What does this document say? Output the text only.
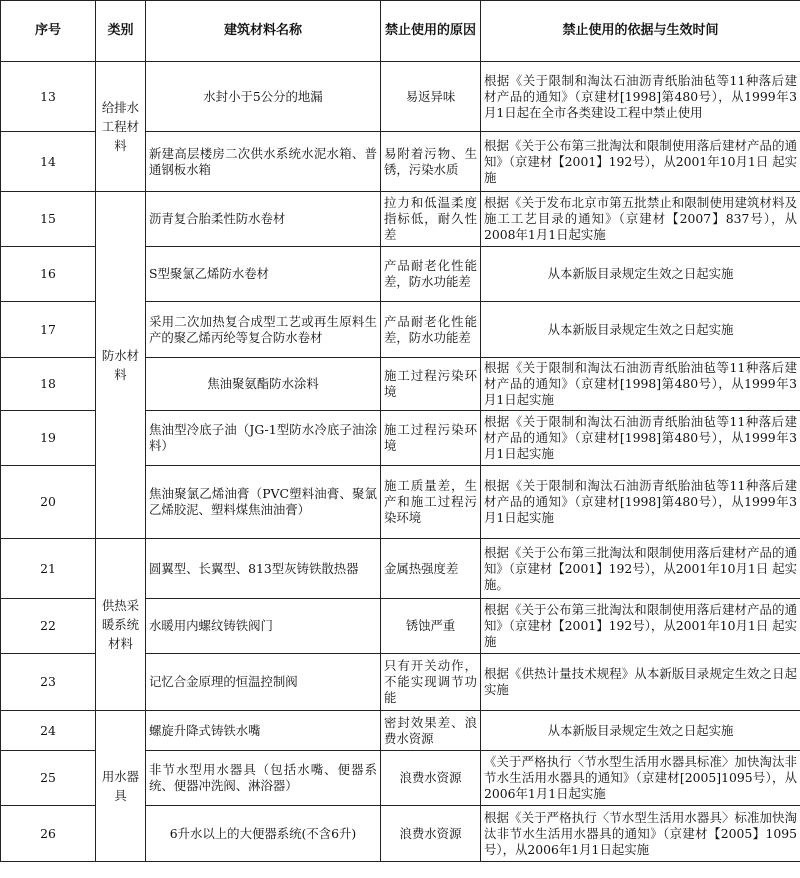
序号	类别	建筑材料名称	禁止使用的原因	禁止使用的依据与生效时间
13	给排水工程材料	水封小于5公分的地漏	易返异味	根据《关于限制和淘汰石油沥青纸胎油毡等11种落后建材产品的通知》（京建材[1998]第480号），从1999年3月1日起在全市各类建设工程中禁止使用
14		新建高层楼房二次供水系统水泥水箱、普通钢板水箱	易附着污物、生锈，污染水质	根据《关于公布第三批淘汰和限制使用落后建材产品的通知》（京建材【2001】192号），从2001年10月1日 起实施
15	防水材料	沥青复合胎柔性防水卷材	拉力和低温柔度指标低，耐久性差	根据《关于发布北京市第五批禁止和限制使用建筑材料及施工工艺目录的通知》（京建材【2007】837号），从2008年1月1日起实施
16		S型聚氯乙烯防水卷材	产品耐老化性能差，防水功能差	从本新版目录规定生效之日起实施
17		采用二次加热复合成型工艺或再生原料生产的聚乙烯丙纶等复合防水卷材	产品耐老化性能差，防水功能差	从本新版目录规定生效之日起实施
18		焦油聚氨酯防水涂料	施工过程污染环境	根据《关于限制和淘汰石油沥青纸胎油毡等11种落后建材产品的通知》（京建材[1998]第480号），从1999年3月1日起实施
19		焦油型冷底子油（JG-1型防水冷底子油涂料）	施工过程污染环境	根据《关于限制和淘汰石油沥青纸胎油毡等11种落后建材产品的通知》（京建材[1998]第480号），从1999年3月1日起实施
20		焦油聚氯乙烯油膏（PVC塑料油膏、聚氯乙烯胶泥、塑料煤焦油油膏）	施工质量差，生产和施工过程污染环境	根据《关于限制和淘汰石油沥青纸胎油毡等11种落后建材产品的通知》（京建材[1998]第480号），从1999年3月1日起实施
21	供热采暖系统材料	圆翼型、长翼型、813型灰铸铁散热器	金属热强度差	根据《关于公布第三批淘汰和限制使用落后建材产品的通知》（京建材【2001】192号），从2001年10月1日 起实施。
22		水暖用内螺纹铸铁阀门	锈蚀严重	根据《关于公布第三批淘汰和限制使用落后建材产品的通知》（京建材【2001】192号），从2001年10月1日 起实施
23		记忆合金原理的恒温控制阀	只有开关动作，不能实现调节功能	根据《供热计量技术规程》从本新版目录规定生效之日起实施
24	用水器具	螺旋升降式铸铁水嘴	密封效果差、浪费水资源	从本新版目录规定生效之日起实施
25		非节水型用水器具（包括水嘴、便器系统、便器冲洗阀、淋浴器）	浪费水资源	《关于严格执行〈节水型生活用水器具标准〉加快淘汰非节水生活用水器具的通知》（京建材[2005]1095号），从2006年1月1日起实施
26		6升水以上的大便器系统(不含6升)	浪费水资源	根据《关于严格执行〈节水型生活用水器具〉标准加快淘汰非节水生活用水器具的通知》（京建材【2005】1095号），从2006年1月1日起实施
